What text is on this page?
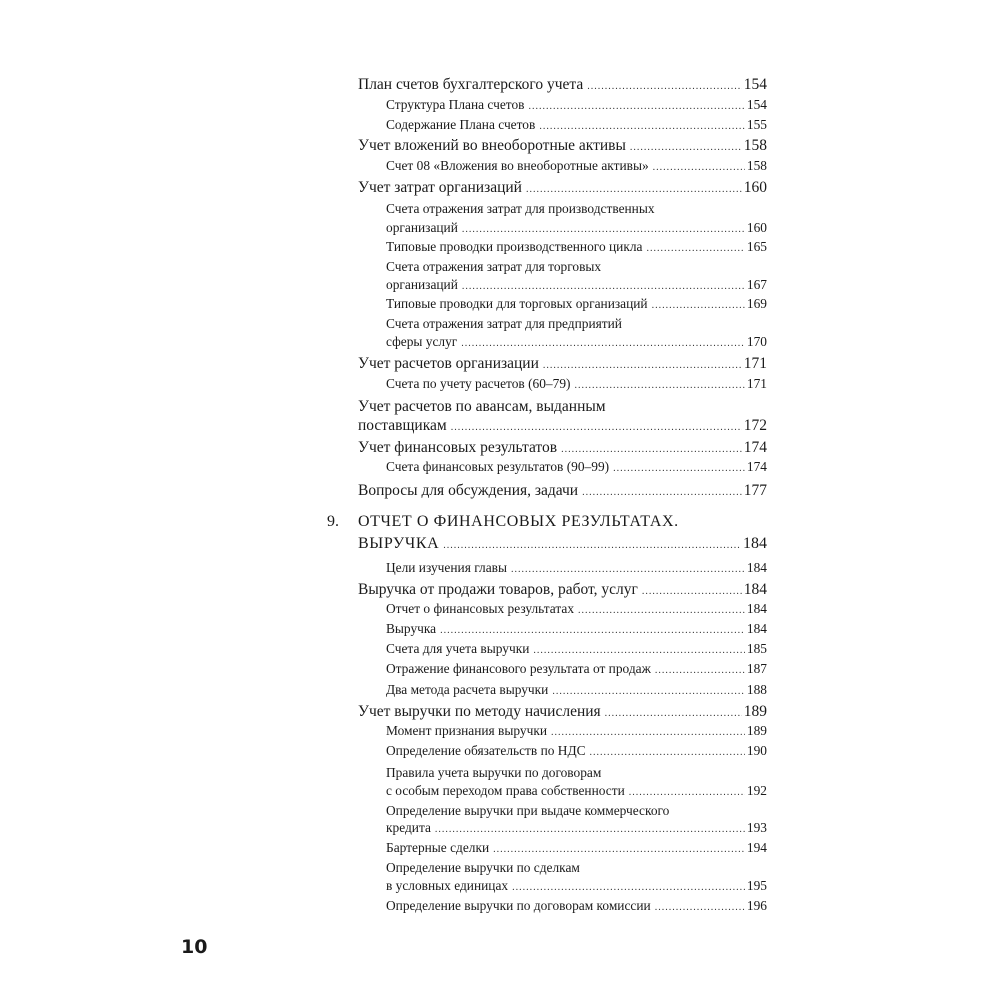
План счетов бухгалтерского учета .....	154
Структура Плана счетов .....	154
Содержание Плана счетов .....	155
Учет вложений во внеоборотные активы .....	158
Счет 08 «Вложения во внеоборотные активы» .....	158
Учет затрат организаций .....	160
Счета отражения затрат для производственных
организаций .....	160
Типовые проводки производственного цикла .....	165
Счета отражения затрат для торговых
организаций .....	167
Типовые проводки для торговых организаций .....	169
Счета отражения затрат для предприятий
сферы услуг .....	170
Учет расчетов организации .....	171
Счета по учету расчетов (60–79) .....	171
Учет расчетов по авансам, выданным
поставщикам .....	172
Учет финансовых результатов .....	174
Счета финансовых результатов (90–99) .....	174
Вопросы для обсуждения, задачи .....	177
9. ОТЧЕТ О ФИНАНСОВЫХ РЕЗУЛЬТАТАХ.
ВЫРУЧКА .....	184
Цели изучения главы .....	184
Выручка от продажи товаров, работ, услуг .....	184
Отчет о финансовых результатах .....	184
Выручка .....	184
Счета для учета выручки .....	185
Отражение финансового результата от продаж .....	187
Два метода расчета выручки .....	188
Учет выручки по методу начисления .....	189
Момент признания выручки .....	189
Определение обязательств по НДС .....	190
Правила учета выручки по договорам
с особым переходом права собственности .....	192
Определение выручки при выдаче коммерческого
кредита .....	193
Бартерные сделки .....	194
Определение выручки по сделкам
в условных единицах .....	195
Определение выручки по договорам комиссии .....	196
10
